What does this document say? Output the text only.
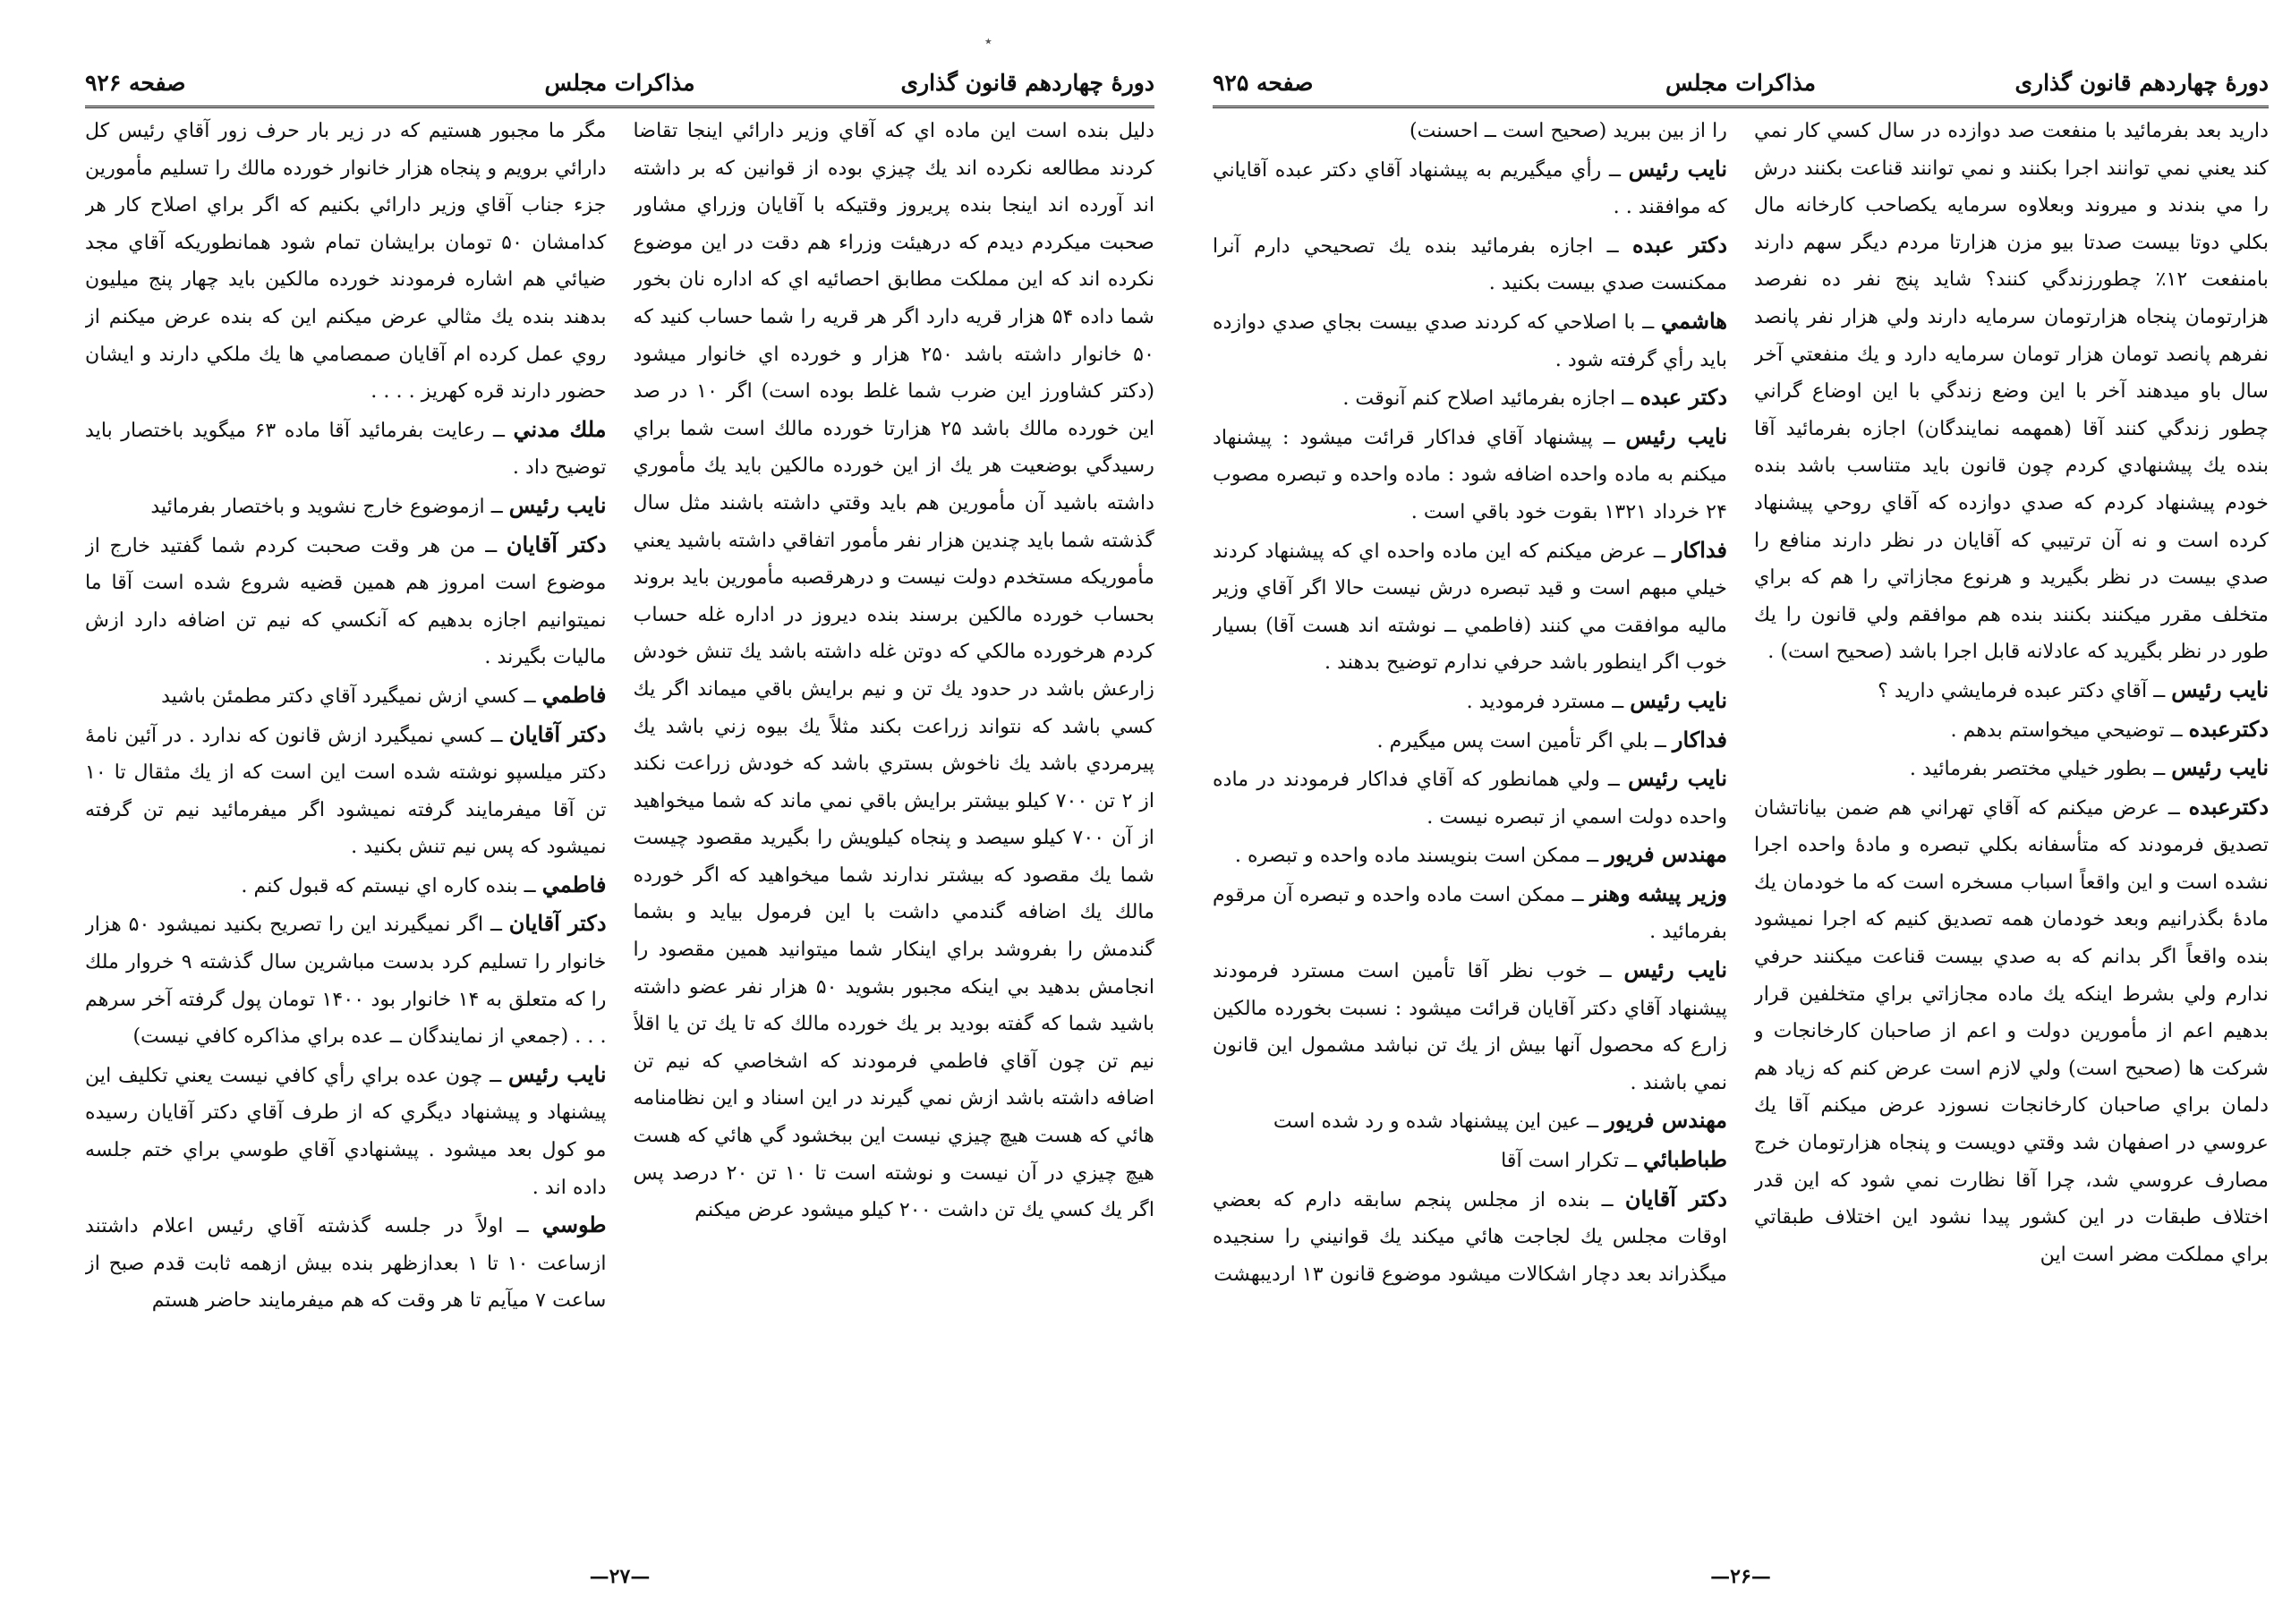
٭
دورهٔ چهاردهم قانون گذاری
مذاکرات مجلس
صفحه ۹۲۵

داريد بعد بفرمائيد با منفعت صد دوازده در سال كسي كار نمي كند يعني نمي توانند اجرا بكنند و نمي توانند قناعت بكنند درش را مي بندند و ميروند وبعلاوه سرمايه يكصاحب كارخانه مال بكلي دوتا بيست صدتا بيو مزن هزارتا مردم ديگر سهم دارند بامنفعت ۱۲٪ چطورزندگي كنند؟ شايد پنج نفر ده نفرصد هزارتومان پنجاه هزارتومان سرمايه دارند ولي هزار نفر پانصد نفرهم پانصد تومان هزار تومان سرمايه دارد و يك منفعتي آخر سال باو ميدهند آخر با اين وضع زندگي با اين اوضاع گراني چطور زندگي كنند آقا (همهمه نمايندگان) اجازه بفرمائيد آقا بنده يك پيشنهادي كردم چون قانون بايد متناسب باشد بنده خودم پيشنهاد كردم كه صدي دوازده كه آقاي روحي پيشنهاد كرده است و نه آن ترتيبي كه آقايان در نظر دارند منافع را صدي بيست در نظر بگيريد و هرنوع مجازاتي را هم كه براي متخلف مقرر ميكنند بكنند بنده هم موافقم ولي قانون را يك طور در نظر بگيريد كه عادلانه قابل اجرا باشد (صحيح است) .

نايب رئيس ــ آقاي دكتر عبده فرمايشي داريد ؟

دكترعبده ــ توضيحي ميخواستم بدهم .

نايب رئيس ــ بطور خيلي مختصر بفرمائيد .

دكترعبده ــ عرض ميكنم كه آقاي تهراني هم ضمن بياناتشان تصديق فرمودند كه متأسفانه بكلي تبصره و مادهٔ واحده اجرا نشده است و اين واقعاً اسباب مسخره است كه ما خودمان يك مادهٔ بگذرانيم وبعد خودمان همه تصديق كنيم كه اجرا نميشود بنده واقعاً اگر بدانم كه به صدي بيست قناعت ميكنند حرفي ندارم ولي بشرط اينكه يك ماده مجازاتي براي متخلفين قرار بدهيم اعم از مأمورين دولت و اعم از صاحبان كارخانجات و شركت ها (صحيح است) ولي لازم است عرض كنم كه زياد هم دلمان براي صاحبان كارخانجات نسوزد عرض ميكنم آقا يك عروسي در اصفهان شد وقتي دويست و پنجاه هزارتومان خرج مصارف عروسي شد، چرا آقا نظارت نمي شود كه اين قدر اختلاف طبقات در اين كشور پيدا نشود اين اختلاف طبقاتي براي مملكت مضر است اين

را از بين ببريد (صحيح است ــ احسنت)

نايب رئيس ــ رأي ميگيريم به پيشنهاد آقاي دكتر عبده آقاياني كه موافقند . .

دكتر عبده ــ اجازه بفرمائيد بنده يك تصحيحي دارم آنرا ممكنست صدي بيست بكنيد .

هاشمي ــ با اصلاحي كه كردند صدي بيست بجاي صدي دوازده بايد رأي گرفته شود .

دكتر عبده ــ اجازه بفرمائيد اصلاح كنم آنوقت .

نايب رئيس ــ پيشنهاد آقاي فداكار قرائت ميشود : پيشنهاد ميكنم به ماده واحده اضافه شود : ماده واحده و تبصره مصوب ۲۴ خرداد ۱۳۲۱ بقوت خود باقي است .

فداكار ــ عرض ميكنم كه اين ماده واحده اي كه پيشنهاد كردند خيلي مبهم است و قيد تبصره درش نيست حالا اگر آقاي وزير ماليه موافقت مي كنند (فاطمي ــ نوشته اند هست آقا) بسيار خوب اگر اينطور باشد حرفي ندارم توضيح بدهند .

نايب رئيس ــ مسترد فرموديد .

فداكار ــ بلي اگر تأمين است پس ميگيرم .

نايب رئيس ــ ولي همانطور كه آقاي فداكار فرمودند در ماده واحده دولت اسمي از تبصره نيست .

مهندس فريور ــ ممكن است بنويسند ماده واحده و تبصره .

وزير پيشه وهنر ــ ممكن است ماده واحده و تبصره آن مرقوم بفرمائيد .

نايب رئيس ــ خوب نظر آقا تأمين است مسترد فرمودند پيشنهاد آقاي دكتر آقايان قرائت ميشود : نسبت بخورده مالكين زارع كه محصول آنها بيش از يك تن نباشد مشمول اين قانون نمي باشند .

مهندس فريور ــ عين اين پيشنهاد شده و رد شده است

طباطبائي ــ تكرار است آقا

دكتر آقايان ــ بنده از مجلس پنجم سابقه دارم كه بعضي اوقات مجلس يك لجاجت هائي ميكند يك قوانيني را سنجيده ميگذراند بعد دچار اشكالات ميشود موضوع قانون ۱۳ ارديبهشت

—۲۶—
دورهٔ چهاردهم قانون گذاری
مذاکرات مجلس
صفحه ۹۲۶

دليل بنده است اين ماده اي كه آقاي وزير دارائي اينجا تقاضا كردند مطالعه نكرده اند يك چيزي بوده از قوانين كه بر داشته اند آورده اند اينجا بنده پريروز وقتيكه با آقايان وزراي مشاور صحبت ميكردم ديدم كه درهيئت وزراء هم دقت در اين موضوع نكرده اند كه اين مملكت مطابق احصائيه اي كه اداره نان بخور شما داده ۵۴ هزار قريه دارد اگر هر قريه را شما حساب كنيد كه ۵۰ خانوار داشته باشد ۲۵۰ هزار و خورده اي خانوار ميشود (دكتر كشاورز اين ضرب شما غلط بوده است) اگر ۱۰ در صد اين خورده مالك باشد ۲۵ هزارتا خورده مالك است شما براي رسيدگي بوضعيت هر يك از اين خورده مالكين بايد يك مأموري داشته باشيد آن مأمورين هم بايد وقتي داشته باشند مثل سال گذشته شما بايد چندين هزار نفر مأمور اتفاقي داشته باشيد يعني مأموريكه مستخدم دولت نيست و درهرقصبه مأمورين بايد بروند بحساب خورده مالكين برسند بنده ديروز در اداره غله حساب كردم هرخورده مالكي كه دوتن غله داشته باشد يك تنش خودش زارعش باشد در حدود يك تن و نيم برايش باقي ميماند اگر يك كسي باشد كه نتواند زراعت بكند مثلاً يك بيوه زني باشد يك پيرمردي باشد يك ناخوش بستري باشد كه خودش زراعت نكند از ۲ تن ۷۰۰ كيلو بيشتر برايش باقي نمي ماند كه شما ميخواهيد از آن ۷۰۰ كيلو سيصد و پنجاه كيلويش را بگيريد مقصود چيست شما يك مقصود كه بيشتر ندارند شما ميخواهيد كه اگر خورده مالك يك اضافه گندمي داشت با اين فرمول بيايد و بشما گندمش را بفروشد براي اينكار شما ميتوانيد همين مقصود را انجامش بدهيد بي اينكه مجبور بشويد ۵۰ هزار نفر عضو داشته باشيد شما كه گفته بوديد بر يك خورده مالك كه تا يك تن يا اقلاً نيم تن چون آقاي فاطمي فرمودند كه اشخاصي كه نيم تن اضافه داشته باشد ازش نمي گيرند در اين اسناد و اين نظامنامه هائي كه هست هيچ چيزي نيست اين ببخشود گي هائي كه هست هيچ چيزي در آن نيست و نوشته است تا ۱۰ تن ۲۰ درصد پس اگر يك كسي يك تن داشت ۲۰۰ كيلو ميشود عرض ميكنم

مگر ما مجبور هستيم كه در زير بار حرف زور آقاي رئيس كل دارائي برويم و پنجاه هزار خانوار خورده مالك را تسليم مأمورين جزء جناب آقاي وزير دارائي بكنيم كه اگر براي اصلاح كار هر كدامشان ۵۰ تومان برايشان تمام شود همانطوريكه آقاي مجد ضيائي هم اشاره فرمودند خورده مالكين بايد چهار پنج ميليون بدهند بنده يك مثالي عرض ميكنم اين كه بنده عرض ميكنم از روي عمل كرده ام آقايان صمصامي ها يك ملكي دارند و ايشان حضور دارند قره كهريز . . . .

ملك مدني ــ رعايت بفرمائيد آقا ماده ۶۳ ميگويد باختصار بايد توضيح داد .

نايب رئيس ــ ازموضوع خارج نشويد و باختصار بفرمائيد

دكتر آقايان ــ من هر وقت صحبت كردم شما گفتيد خارج از موضوع است امروز هم همين قضيه شروع شده است آقا ما نميتوانيم اجازه بدهيم كه آنكسي كه نيم تن اضافه دارد ازش ماليات بگيرند .

فاطمي ــ كسي ازش نميگيرد آقاي دكتر مطمئن باشيد

دكتر آقايان ــ كسي نميگيرد ازش قانون كه ندارد . در آئين نامهٔ دكتر ميلسپو نوشته شده است اين است كه از يك مثقال تا ۱۰ تن آقا ميفرمايند گرفته نميشود اگر ميفرمائيد نيم تن گرفته نميشود كه پس نيم تنش بكنيد .

فاطمي ــ بنده كاره اي نيستم كه قبول كنم .

دكتر آقايان ــ اگر نميگيرند اين را تصريح بكنيد نميشود ۵۰ هزار خانوار را تسليم كرد بدست مباشرين سال گذشته ۹ خروار ملك را كه متعلق به ۱۴ خانوار بود ۱۴۰۰ تومان پول گرفته آخر سرهم . . . (جمعي از نمايندگان ــ عده براي مذاكره كافي نيست)

نايب رئيس ــ چون عده براي رأي كافي نيست يعني تكليف اين پيشنهاد و پيشنهاد ديگري كه از طرف آقاي دكتر آقايان رسيده مو كول بعد ميشود . پيشنهادي آقاي طوسي براي ختم جلسه داده اند .

طوسي ــ اولاً در جلسه گذشته آقاي رئيس اعلام داشتند ازساعت ۱۰ تا ۱ بعدازظهر بنده بيش ازهمه ثابت قدم صبح از ساعت ۷ ميآيم تا هر وقت كه هم ميفرمايند حاضر هستم

—۲۷—
